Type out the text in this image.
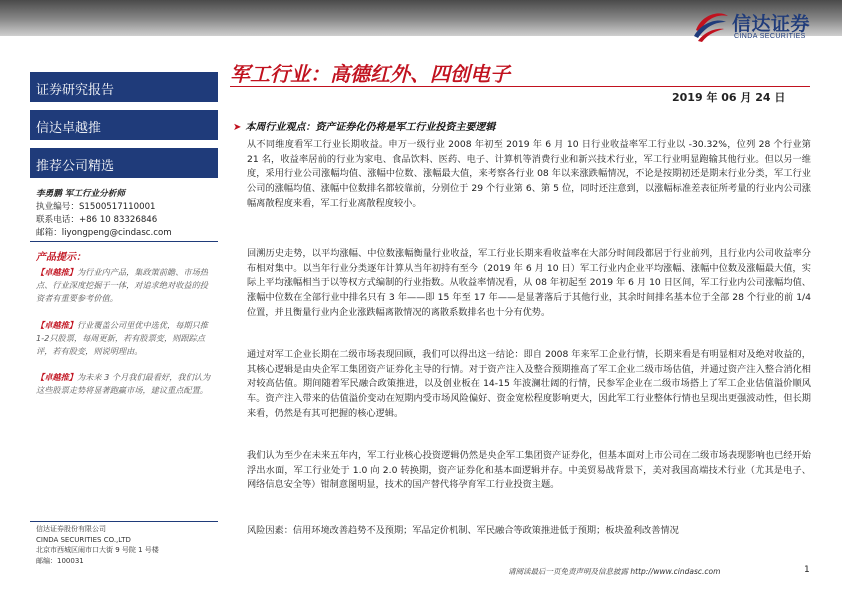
信达证券
CINDA SECURITIES
军工行业：高德红外、四创电子
2019 年 06 月 24 日
证券研究报告
信达卓越推
推荐公司精选
李勇鹏 军工行业分析师
执业编号：S1500517110001
联系电话：+86 10 83326846
邮箱：liyongpeng@cindasc.com
产品提示：
【卓越推】为行业内产品，集政策前瞻、市场热点、行业深度挖掘于一体，对追求绝对收益的投资者有重要参考价值。
【卓越推】行业覆盖公司里优中选优，每期只推1-2只股票，每周更新，若有股票变，则跟踪点评，若有股变，则说明理由。
【卓越推】为未来 3 个月我们最看好，我们认为这些股票走势将显著跑赢市场，建议重点配置。
信达证券股份有限公司
CINDA SECURITIES CO.,LTD
北京市西城区闹市口大街 9 号院 1 号楼
邮编：100031
➤ 本周行业观点：资产证券化仍将是军工行业投资主要逻辑

从不同维度看军工行业长期收益。申万一级行业 2008 年初至 2019 年 6 月 10 日行业收益率军工行业以 -30.32%，位列 28 个行业第 21 名，收益率居前的行业为家电、食品饮料、医药、电子、计算机等消费行业和新兴技术行业，军工行业明显跑输其他行业。但以另一维度，采用行业公司涨幅均值、涨幅中位数、涨幅最大值，来考察各行业 08 年以来涨跌幅情况，不论是按期初还是期末行业分类，军工行业公司的涨幅均值、涨幅中位数排名都较靠前，分别位于 29 个行业第 6、第 5 位，同时还注意到，以涨幅标准差表征所考量的行业内公司涨幅离散程度来看，军工行业离散程度较小。

回溯历史走势，以平均涨幅、中位数涨幅衡量行业收益，军工行业长期来看收益率在大部分时间段都居于行业前列，且行业内公司收益率分布相对集中。以当年行业分类逐年计算从当年初持有至今（2019 年 6 月 10 日）军工行业内企业平均涨幅、涨幅中位数及涨幅最大值，实际上平均涨幅相当于以等权方式编制的行业指数。从收益率情况看，从 08 年初起至 2019 年 6 月 10 日区间，军工行业内公司涨幅均值、涨幅中位数在全部行业中排名只有 3 年——即 15 年至 17 年——是显著落后于其他行业，其余时间排名基本位于全部 28 个行业的前 1/4 位置，并且衡量行业内企业涨跌幅离散情况的离散系数排名也十分有优势。

通过对军工企业长期在二级市场表现回顾，我们可以得出这一结论：即自 2008 年来军工企业行情，长期来看是有明显相对及绝对收益的，其核心逻辑是由央企军工集团资产证券化主导的行情。对于资产注入及整合预期推高了军工企业二级市场估值，并通过资产注入整合消化相对较高估值。期间随着军民融合政策推进，以及创业板在 14-15 年波澜壮阔的行情，民参军企业在二级市场搭上了军工企业估值溢价顺风车。资产注入带来的估值溢价变动在短期内受市场风险偏好、资金宽松程度影响更大，因此军工行业整体行情也呈现出更强波动性，但长期来看，仍然是有其可把握的核心逻辑。

我们认为至少在未来五年内，军工行业核心投资逻辑仍然是央企军工集团资产证券化，但基本面对上市公司在二级市场表现影响也已经开始浮出水面，军工行业处于 1.0 向 2.0 转换期，资产证券化和基本面逻辑并存。中美贸易战背景下，美对我国高端技术行业（尤其是电子、网络信息安全等）钳制意图明显，技术的国产替代将孕育军工行业投资主题。

风险因素：信用环境改善趋势不及预期；军品定价机制、军民融合等政策推进低于预期；板块盈利改善情况

请阅读最后一页免责声明及信息披露 http://www.cindasc.com	1
